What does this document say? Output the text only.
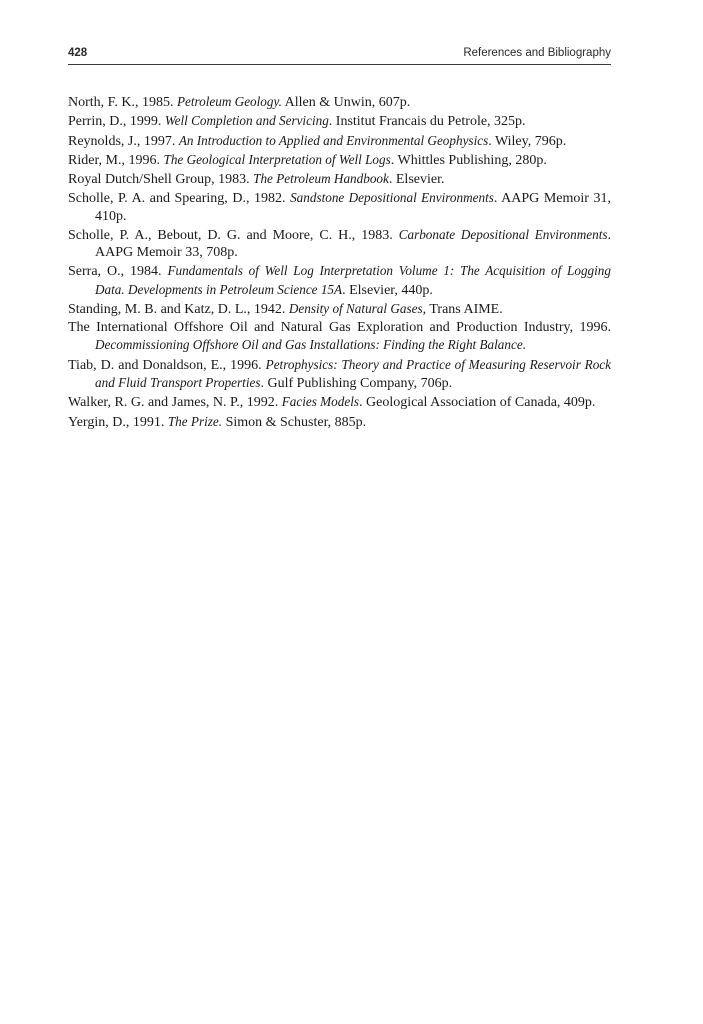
428	References and Bibliography
North, F. K., 1985. Petroleum Geology. Allen & Unwin, 607p.
Perrin, D., 1999. Well Completion and Servicing. Institut Francais du Petrole, 325p.
Reynolds, J., 1997. An Introduction to Applied and Environmental Geophysics. Wiley, 796p.
Rider, M., 1996. The Geological Interpretation of Well Logs. Whittles Publishing, 280p.
Royal Dutch/Shell Group, 1983. The Petroleum Handbook. Elsevier.
Scholle, P. A. and Spearing, D., 1982. Sandstone Depositional Environments. AAPG Memoir 31, 410p.
Scholle, P. A., Bebout, D. G. and Moore, C. H., 1983. Carbonate Depositional Environments. AAPG Memoir 33, 708p.
Serra, O., 1984. Fundamentals of Well Log Interpretation Volume 1: The Acquisition of Logging Data. Developments in Petroleum Science 15A. Elsevier, 440p.
Standing, M. B. and Katz, D. L., 1942. Density of Natural Gases, Trans AIME.
The International Offshore Oil and Natural Gas Exploration and Production Industry, 1996. Decommissioning Offshore Oil and Gas Installations: Finding the Right Balance.
Tiab, D. and Donaldson, E., 1996. Petrophysics: Theory and Practice of Measuring Reservoir Rock and Fluid Transport Properties. Gulf Publishing Company, 706p.
Walker, R. G. and James, N. P., 1992. Facies Models. Geological Association of Canada, 409p.
Yergin, D., 1991. The Prize. Simon & Schuster, 885p.
